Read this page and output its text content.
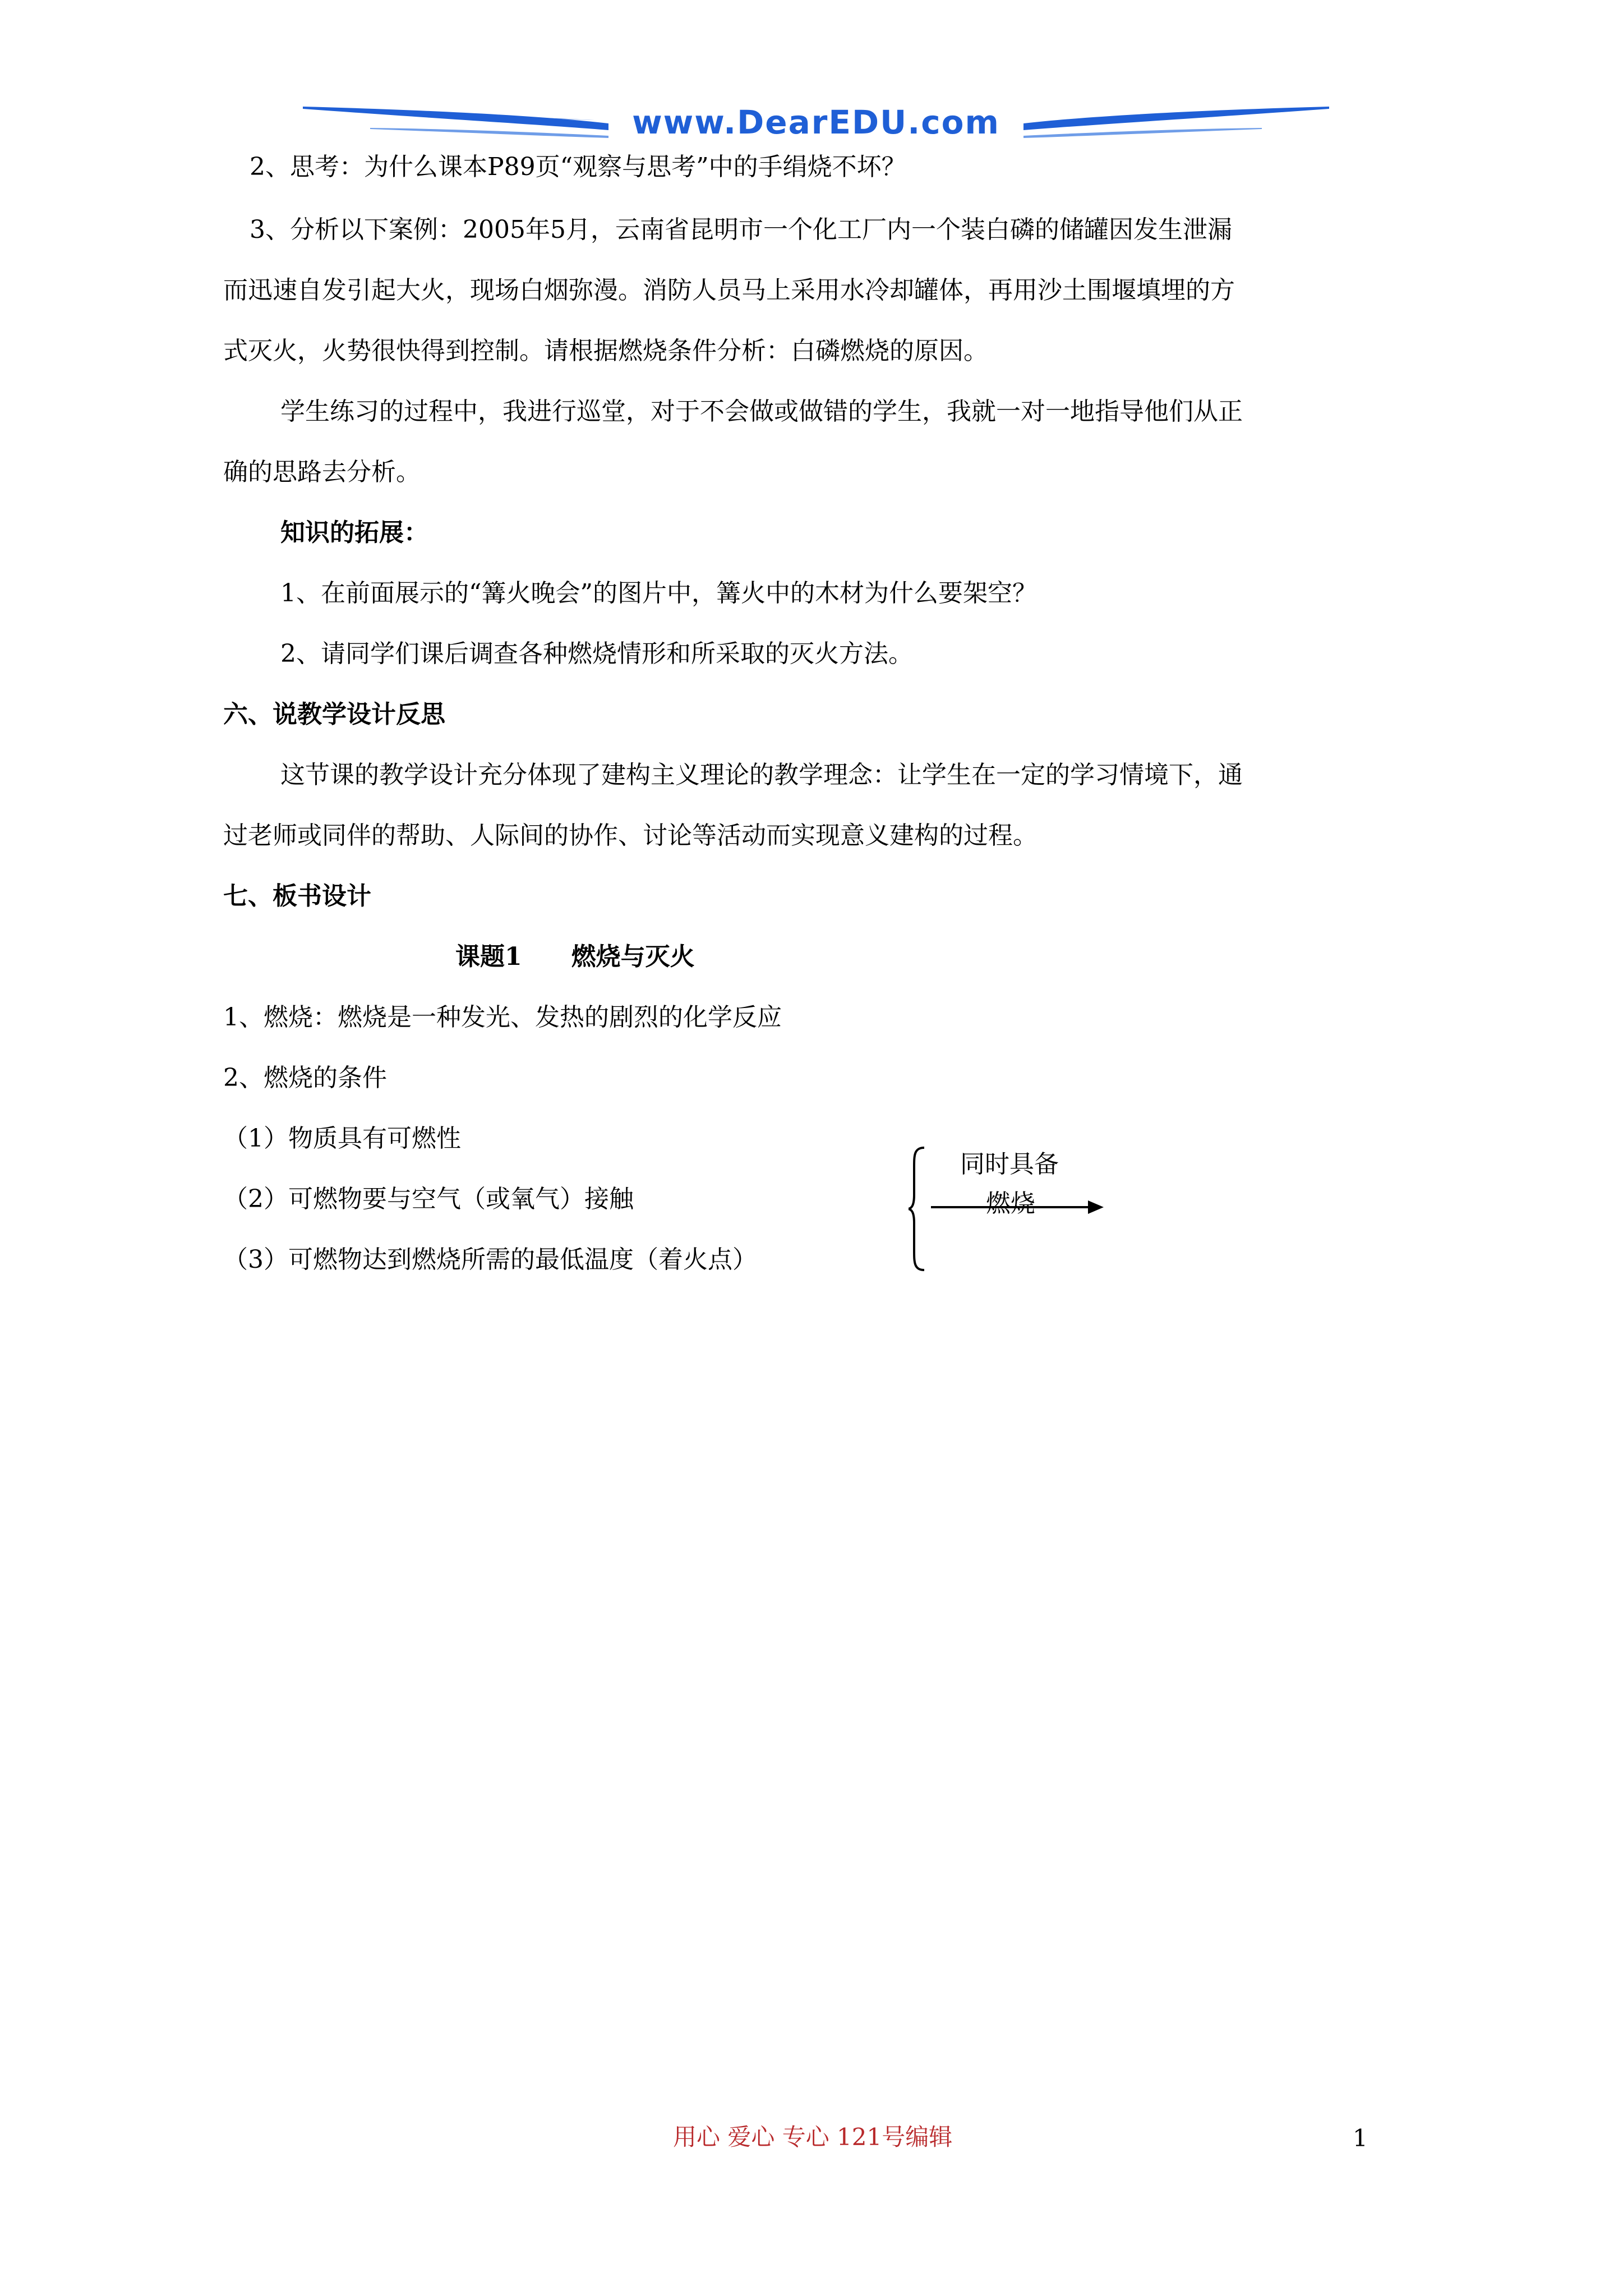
www.DearEDU.com
2、思考：为什么课本P89页“观察与思考”中的手绢烧不坏？
3、分析以下案例：2005年5月，云南省昆明市一个化工厂内一个装白磷的储罐因发生泄漏
而迅速自发引起大火，现场白烟弥漫。消防人员马上采用水冷却罐体，再用沙土围堰填埋的方
式灭火，火势很快得到控制。请根据燃烧条件分析：白磷燃烧的原因。
学生练习的过程中，我进行巡堂，对于不会做或做错的学生，我就一对一地指导他们从正
确的思路去分析。
知识的拓展：
1、在前面展示的“篝火晚会”的图片中，篝火中的木材为什么要架空？
2、请同学们课后调查各种燃烧情形和所采取的灭火方法。
六、说教学设计反思
这节课的教学设计充分体现了建构主义理论的教学理念：让学生在一定的学习情境下，通
过老师或同伴的帮助、人际间的协作、讨论等活动而实现意义建构的过程。
七、板书设计
课题1　　燃烧与灭火
1、燃烧：燃烧是一种发光、发热的剧烈的化学反应
2、燃烧的条件
（1）物质具有可燃性
（2）可燃物要与空气（或氧气）接触
（3）可燃物达到燃烧所需的最低温度（着火点）
同时具备
燃烧
用心 爱心 专心 121号编辑	1
